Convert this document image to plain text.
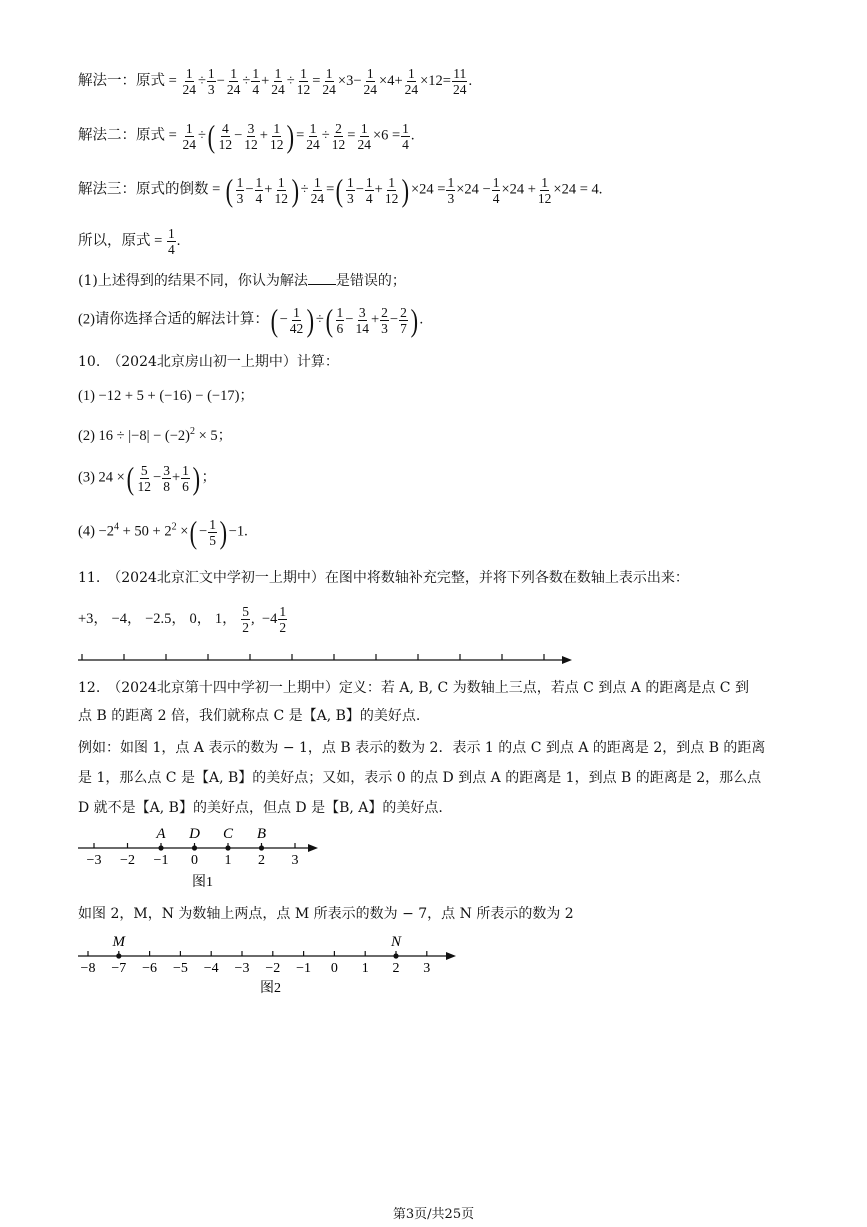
解法一：原式 = $\frac{1}{24} \div \frac{1}{3} - \frac{1}{24} \div \frac{1}{4} + \frac{1}{24} \div \frac{1}{12} = \frac{1}{24} \times 3- \frac{1}{24} \times 4+ \frac{1}{24} \times 12= \frac{11}{24}$ .
解法二：原式 = $\frac{1}{24}$ ÷( $\frac{4}{12} - \frac{3}{12} + \frac{1}{12}$ ) = $\frac{1}{24} \div \frac{2}{12} = \frac{1}{24} \times 6 = \frac{1}{4}$ .
解法三：原式的倒数 = ( $\frac{1}{3} - \frac{1}{4} + \frac{1}{12}$ ) ÷ $\frac{1}{24}$ =( $\frac{1}{3} - \frac{1}{4} + \frac{1}{12}$ ) $\times 24 = \frac{1}{3} \times 24 - \frac{1}{4} \times 24 + \frac{1}{12} \times 24 = 4$.
所以，原式 = $\frac{1}{4}$ .
(1)上述得到的结果不同，你认为解法 是错误的；
(2)请你选择合适的解法计算：( − $\frac{1}{42}$ ) ÷( $\frac{1}{6} - \frac{3}{14} + \frac{2}{3} - \frac{2}{7}$ ) .
10.　（2024北京房山初一上期中）计算：
(1) −12 + 5 + (−16) − (−17)；
(2) $16 \div |-8| - (-2)^2 \times 5$；
(3) 24 ×( $\frac{5}{12} - \frac{3}{8} + \frac{1}{6}$ ) ；
$(4) -2^4 + 50 + 2^2$ ×( − $\frac{1}{5}$ ) −1.
11.　（2024北京汇文中学初一上期中）在图中将数轴补充完整，并将下列各数在数轴上表示出来：
+3， −4， −2.5， 0， 1， $\frac{5}{2}$ ,  $-4 \frac{1}{2}$
12.　（2024北京第十四中学初一上期中）定义：若 A, B, C 为数轴上三点，若点 C 到点 A 的距离是点 C 到
点 B 的距离 2 倍，我们就称点 C 是【A, B】的美好点.
例如：如图 1，点 A 表示的数为 − 1，点 B 表示的数为 2．表示 1 的点 C 到点 A 的距离是 2，到点 B 的距离
是 1，那么点 C 是【A, B】的美好点；又如，表示 0 的点 D 到点 A 的距离是 1，到点 B 的距离是 2，那么点
D 就不是【A, B】的美好点，但点 D 是【B, A】的美好点.
−3 −2 −1 0 1 2 3
A D C B
图1
如图 2，M，N 为数轴上两点，点 M 所表示的数为 − 7，点 N 所表示的数为 2
−8 −7 −6 −5 −4 −3 −2 −1 0 1 2 3
M	N
图2
第3页/共25页
